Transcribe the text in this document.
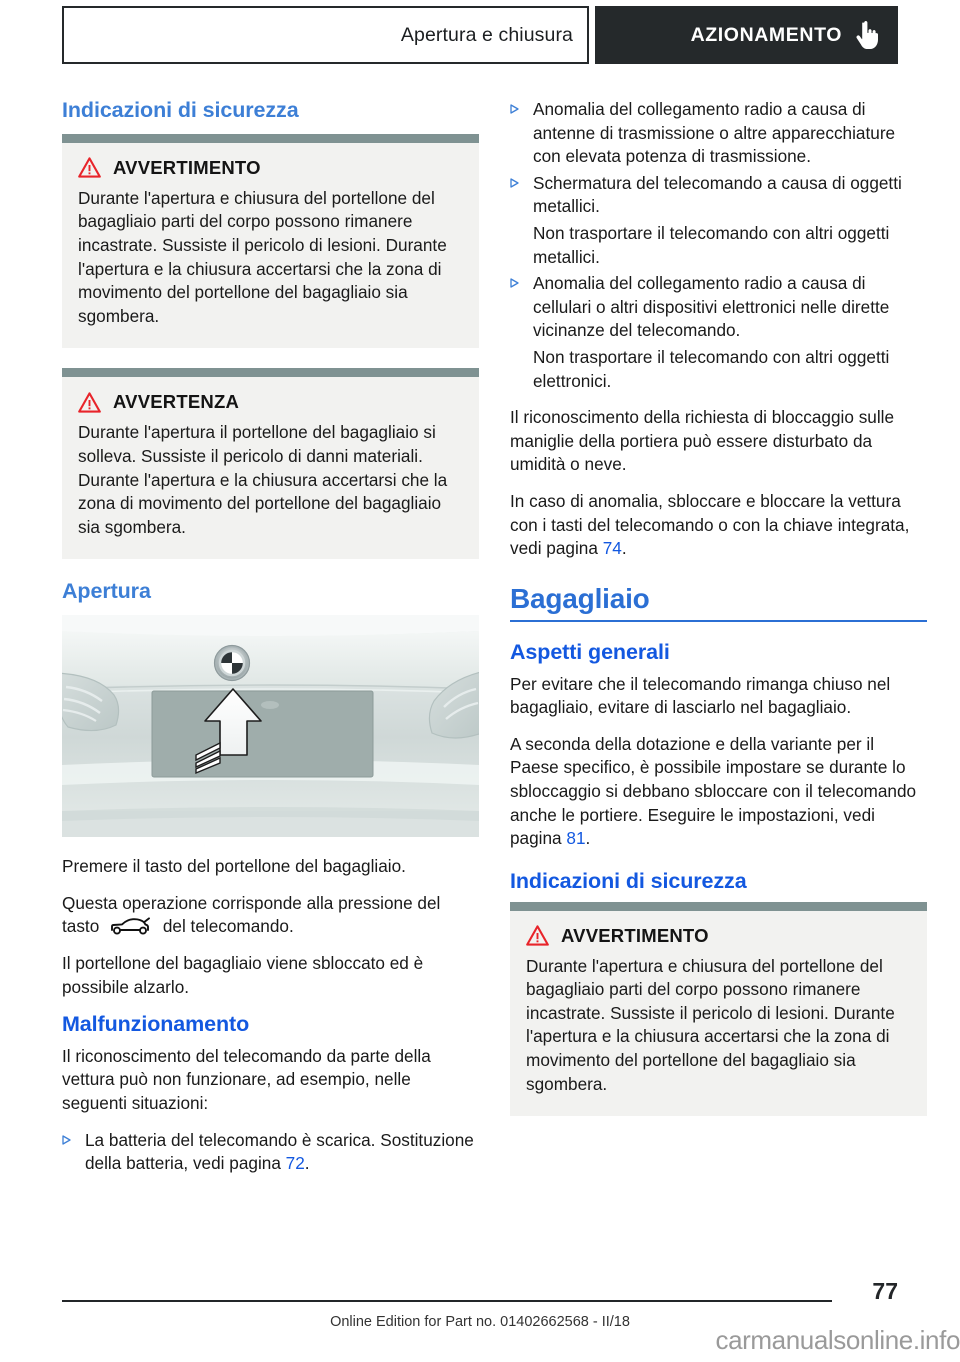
Apertura e chiusura	AZIONAMENTO
Indicazioni di sicurezza
AVVERTIMENTO
Durante l'apertura e chiusura del portellone del bagagliaio parti del corpo possono rimanere incastrate. Sussiste il pericolo di lesioni. Durante l'apertura e la chiusura accertarsi che la zona di movimento del portellone del bagagliaio sia sgombera.
AVVERTENZA
Durante l'apertura il portellone del bagagliaio si solleva. Sussiste il pericolo di danni materiali. Durante l'apertura e la chiusura accertarsi che la zona di movimento del portellone del bagagliaio sia sgombera.
Apertura

Premere il tasto del portellone del bagagliaio.

Questa operazione corrisponde alla pressione del tasto	del telecomando.

Il portellone del bagagliaio viene sbloccato ed è possibile alzarlo.

Malfunzionamento

Il riconoscimento del telecomando da parte della vettura può non funzionare, ad esempio, nelle seguenti situazioni:

La batteria del telecomando è scarica. Sostituzione della batteria, vedi pagina 72.
Anomalia del collegamento radio a causa di antenne di trasmissione o altre apparecchiature con elevata potenza di trasmissione.
Schermatura del telecomando a causa di oggetti metallici.
Non trasportare il telecomando con altri oggetti metallici.
Anomalia del collegamento radio a causa di cellulari o altri dispositivi elettronici nelle dirette vicinanze del telecomando.
Non trasportare il telecomando con altri oggetti elettronici.

Il riconoscimento della richiesta di bloccaggio sulle maniglie della portiera può essere disturbato da umidità o neve.

In caso di anomalia, sbloccare e bloccare la vettura con i tasti del telecomando o con la chiave integrata, vedi pagina 74.

Bagagliaio
Aspetti generali

Per evitare che il telecomando rimanga chiuso nel bagagliaio, evitare di lasciarlo nel bagagliaio.

A seconda della dotazione e della variante per il Paese specifico, è possibile impostare se durante lo sbloccaggio si debbano sbloccare con il telecomando anche le portiere. Eseguire le impostazioni, vedi pagina 81.

Indicazioni di sicurezza
AVVERTIMENTO
Durante l'apertura e chiusura del portellone del bagagliaio parti del corpo possono rimanere incastrate. Sussiste il pericolo di lesioni. Durante l'apertura e la chiusura accertarsi che la zona di movimento del portellone del bagagliaio sia sgombera.
77
Online Edition for Part no. 01402662568 - II/18
carmanualsonline.info
